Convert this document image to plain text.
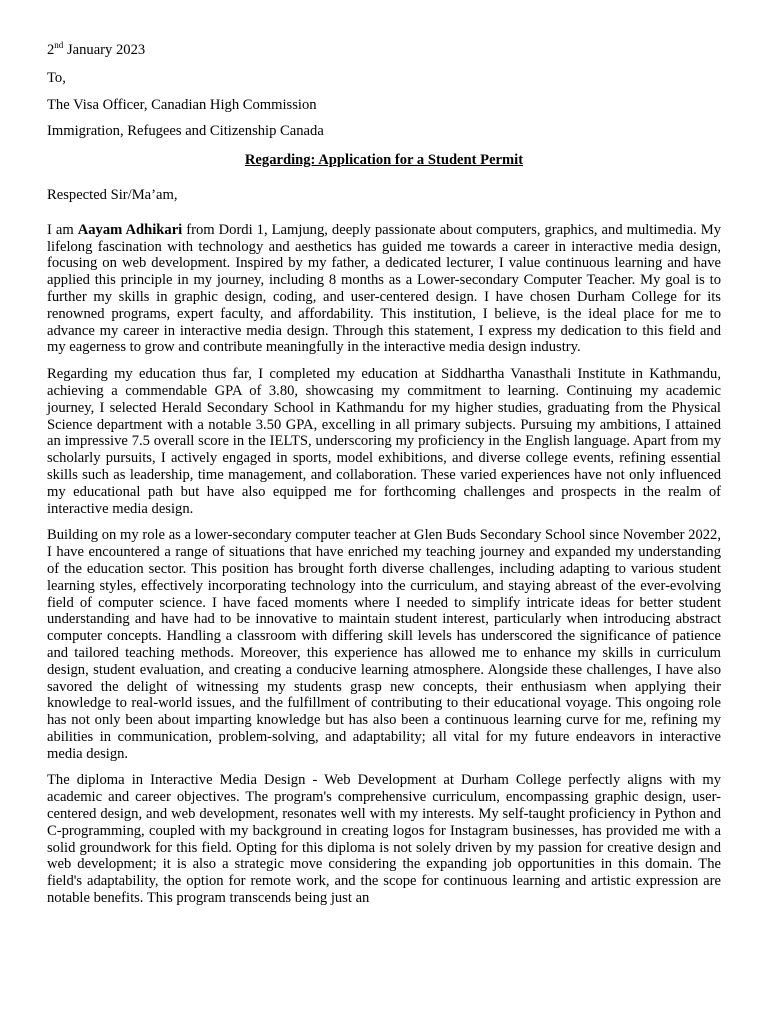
2nd January 2023
To,
The Visa Officer, Canadian High Commission
Immigration, Refugees and Citizenship Canada
Regarding: Application for a Student Permit
Respected Sir/Ma’am,

I am Aayam Adhikari from Dordi 1, Lamjung, deeply passionate about computers, graphics, and multimedia. My lifelong fascination with technology and aesthetics has guided me towards a career in interactive media design, focusing on web development. Inspired by my father, a dedicated lecturer, I value continuous learning and have applied this principle in my journey, including 8 months as a Lower-secondary Computer Teacher. My goal is to further my skills in graphic design, coding, and user-centered design. I have chosen Durham College for its renowned programs, expert faculty, and affordability. This institution, I believe, is the ideal place for me to advance my career in interactive media design. Through this statement, I express my dedication to this field and my eagerness to grow and contribute meaningfully in the interactive media design industry.

Regarding my education thus far, I completed my education at Siddhartha Vanasthali Institute in Kathmandu, achieving a commendable GPA of 3.80, showcasing my commitment to learning. Continuing my academic journey, I selected Herald Secondary School in Kathmandu for my higher studies, graduating from the Physical Science department with a notable 3.50 GPA, excelling in all primary subjects. Pursuing my ambitions, I attained an impressive 7.5 overall score in the IELTS, underscoring my proficiency in the English language. Apart from my scholarly pursuits, I actively engaged in sports, model exhibitions, and diverse college events, refining essential skills such as leadership, time management, and collaboration. These varied experiences have not only influenced my educational path but have also equipped me for forthcoming challenges and prospects in the realm of interactive media design.

Building on my role as a lower-secondary computer teacher at Glen Buds Secondary School since November 2022, I have encountered a range of situations that have enriched my teaching journey and expanded my understanding of the education sector. This position has brought forth diverse challenges, including adapting to various student learning styles, effectively incorporating technology into the curriculum, and staying abreast of the ever-evolving field of computer science. I have faced moments where I needed to simplify intricate ideas for better student understanding and have had to be innovative to maintain student interest, particularly when introducing abstract computer concepts. Handling a classroom with differing skill levels has underscored the significance of patience and tailored teaching methods. Moreover, this experience has allowed me to enhance my skills in curriculum design, student evaluation, and creating a conducive learning atmosphere. Alongside these challenges, I have also savored the delight of witnessing my students grasp new concepts, their enthusiasm when applying their knowledge to real-world issues, and the fulfillment of contributing to their educational voyage. This ongoing role has not only been about imparting knowledge but has also been a continuous learning curve for me, refining my abilities in communication, problem-solving, and adaptability; all vital for my future endeavors in interactive media design.

The diploma in Interactive Media Design - Web Development at Durham College perfectly aligns with my academic and career objectives. The program's comprehensive curriculum, encompassing graphic design, user-centered design, and web development, resonates well with my interests. My self-taught proficiency in Python and C-programming, coupled with my background in creating logos for Instagram businesses, has provided me with a solid groundwork for this field. Opting for this diploma is not solely driven by my passion for creative design and web development; it is also a strategic move considering the expanding job opportunities in this domain. The field's adaptability, the option for remote work, and the scope for continuous learning and artistic expression are notable benefits. This program transcends being just an
